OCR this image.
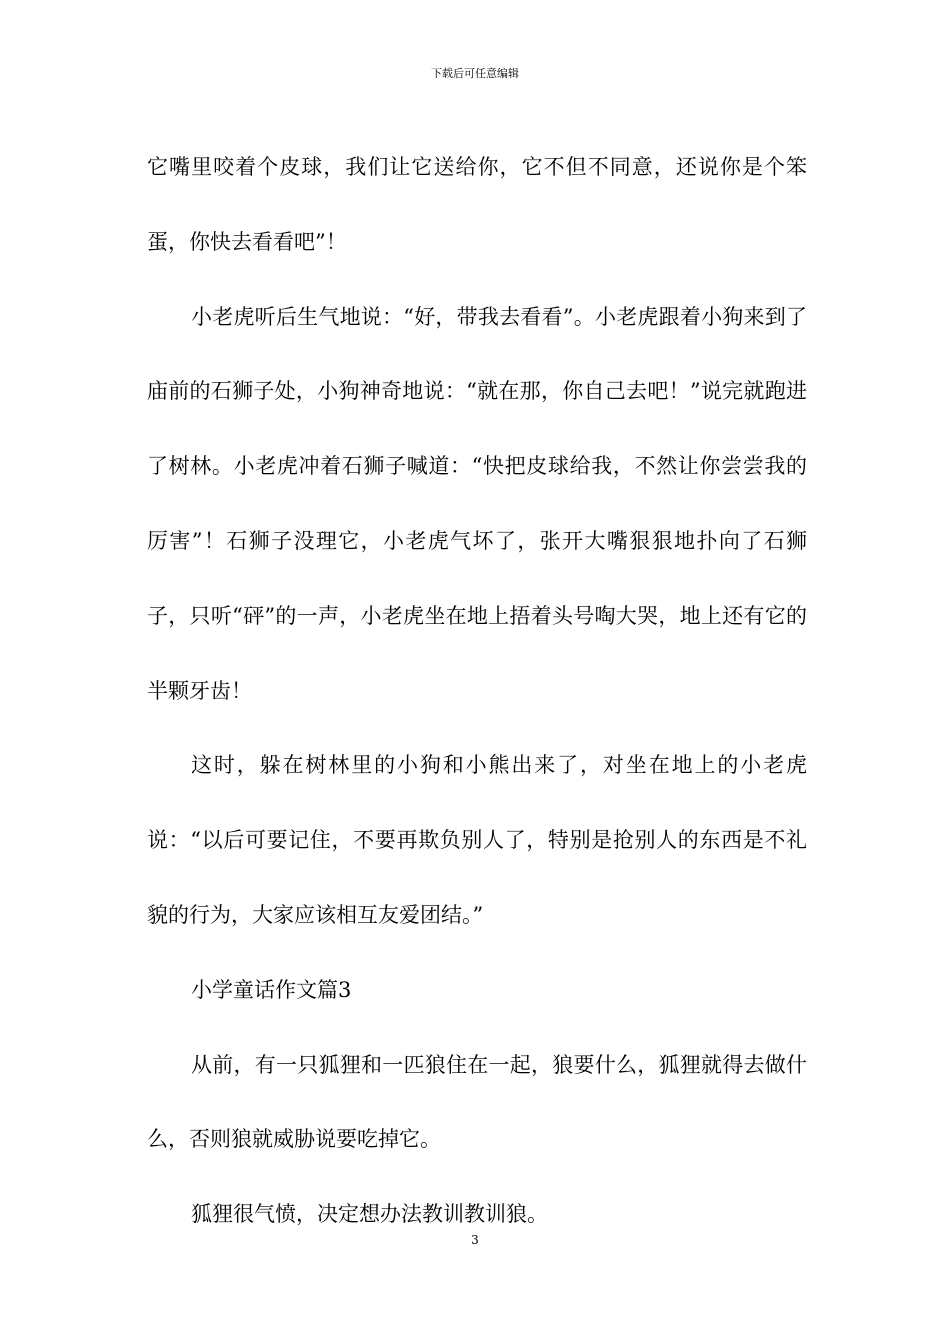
下载后可任意编辑

它嘴里咬着个皮球，我们让它送给你，它不但不同意，还说你是个笨蛋，你快去看看吧”！

小老虎听后生气地说：“好，带我去看看”。小老虎跟着小狗来到了庙前的石狮子处，小狗神奇地说：“就在那，你自己去吧！”说完就跑进了树林。小老虎冲着石狮子喊道：“快把皮球给我，不然让你尝尝我的厉害”！石狮子没理它，小老虎气坏了，张开大嘴狠狠地扑向了石狮子，只听“砰”的一声，小老虎坐在地上捂着头号啕大哭，地上还有它的半颗牙齿！

这时，躲在树林里的小狗和小熊出来了，对坐在地上的小老虎说：“以后可要记住，不要再欺负别人了，特别是抢别人的东西是不礼貌的行为，大家应该相互友爱团结。”

小学童话作文篇3

从前，有一只狐狸和一匹狼住在一起，狼要什么，狐狸就得去做什么，否则狼就威胁说要吃掉它。

狐狸很气愤，决定想办法教训教训狼。

3
